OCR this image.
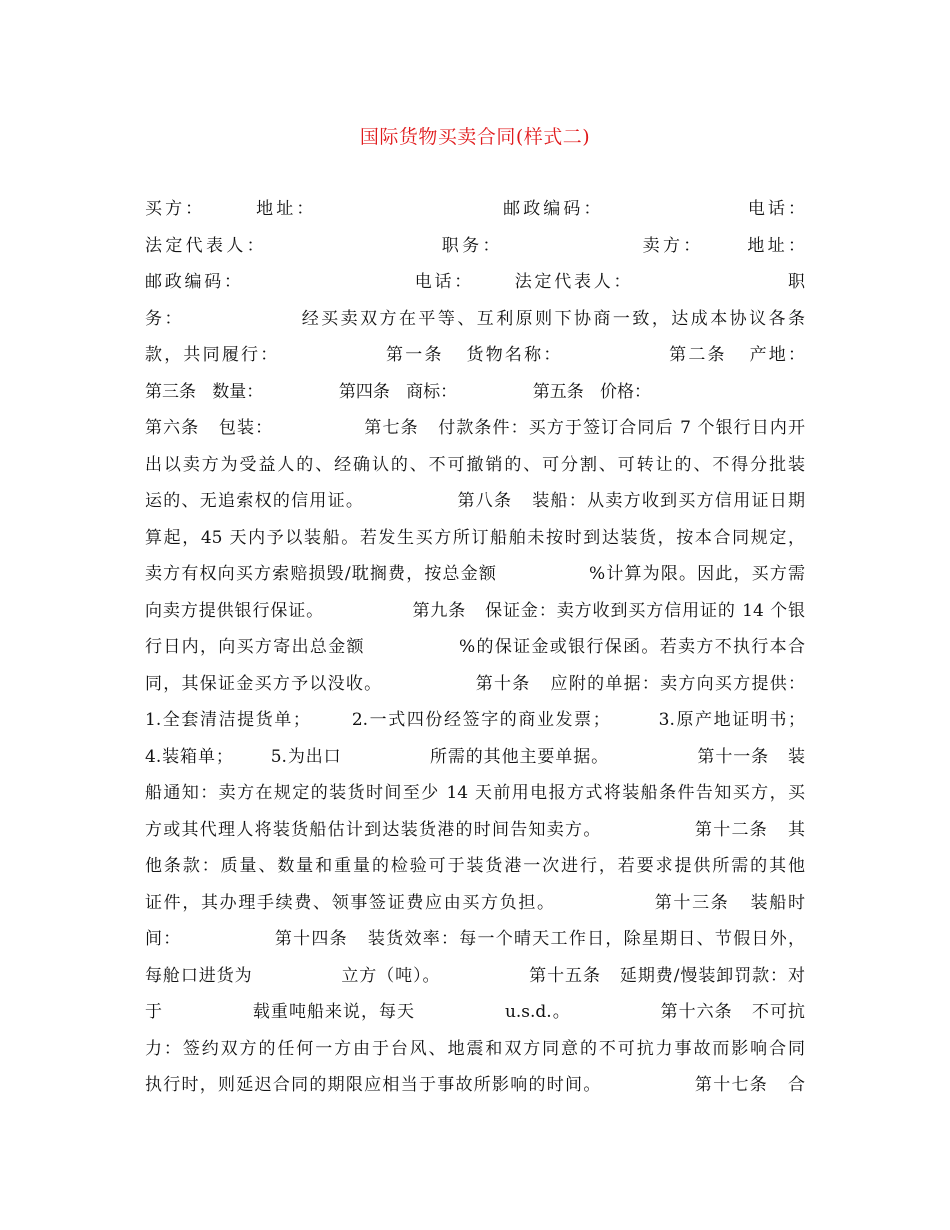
国际货物买卖合同(样式二)
买方：      地址：                      邮政编码：                 电话：
法定代表人：                    职务：                卖方：     地址：
邮政编码：                     电话：     法定代表人：                   职
务：               经买卖双方在平等、互利原则下协商一致，达成本协议各条
款，共同履行：              第一条   货物名称：              第二条   产地：
第三条   数量：              第四条   商标：              第五条   价格：
第六条   包装：              第七条   付款条件：买方于签订合同后 7 个银行日内开
出以卖方为受益人的、经确认的、不可撤销的、可分割、可转让的、不得分批装
运的、无追索权的信用证。              第八条   装船：从卖方收到买方信用证日期
算起，45 天内予以装船。若发生买方所订船舶未按时到达装货，按本合同规定，
卖方有权向买方索赔损毁/耽搁费，按总金额              %计算为限。因此，买方需
向卖方提供银行保证。              第九条   保证金：卖方收到买方信用证的 14 个银
行日内，向买方寄出总金额              %的保证金或银行保函。若卖方不执行本合
同，其保证金买方予以没收。              第十条   应附的单据：卖方向买方提供：
1.全套清洁提货单；      2.一式四份经签字的商业发票；       3.原产地证明书；
4.装箱单；      5.为出口              所需的其他主要单据。              第十一条   装
船通知：卖方在规定的装货时间至少 14 天前用电报方式将装船条件告知买方，买
方或其代理人将装货船估计到达装货港的时间告知卖方。              第十二条   其
他条款：质量、数量和重量的检验可于装货港一次进行，若要求提供所需的其他
证件，其办理手续费、领事签证费应由买方负担。              第十三条   装船时
间：              第十四条   装货效率：每一个晴天工作日，除星期日、节假日外，
每舱口进货为              立方（吨）。              第十五条   延期费/慢装卸罚款：对
于              载重吨船来说，每天              u.s.d.。              第十六条   不可抗
力：签约双方的任何一方由于台风、地震和双方同意的不可抗力事故而影响合同
执行时，则延迟合同的期限应相当于事故所影响的时间。              第十七条   合
